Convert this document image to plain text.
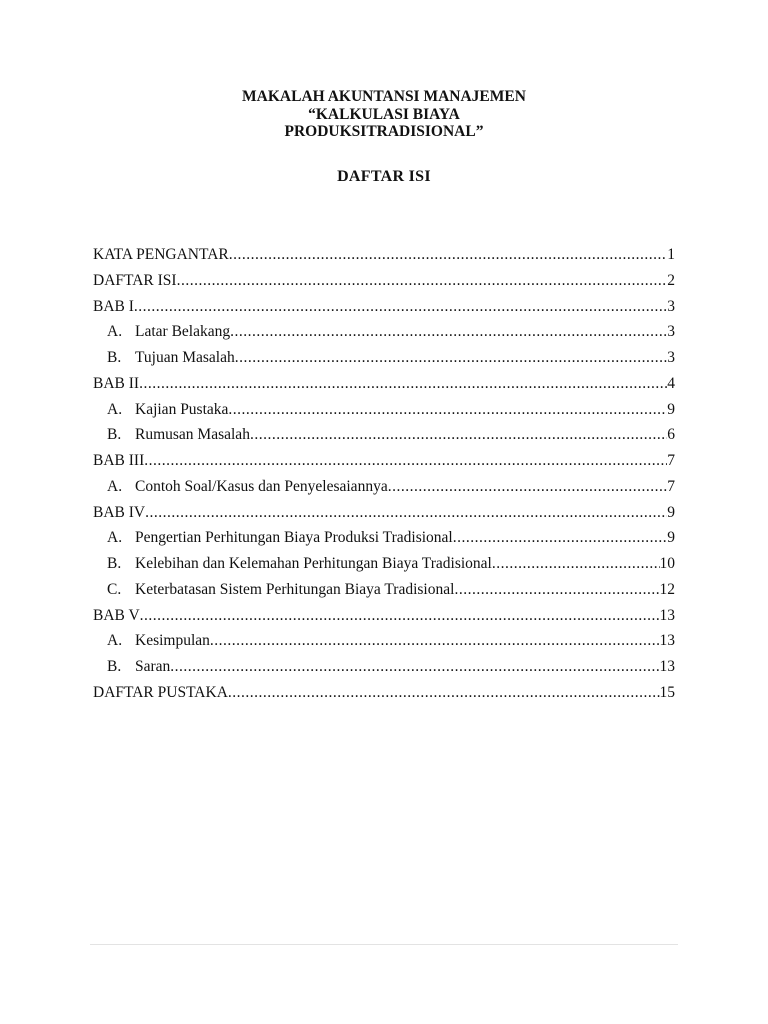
MAKALAH AKUNTANSI MANAJEMEN
“KALKULASI BIAYA
PRODUKSITRADISIONAL”
DAFTAR ISI
KATA PENGANTAR .....	1
DAFTAR ISI .....	2
BAB I .....	3
A. Latar Belakang .....	3
B. Tujuan Masalah .....	3
BAB II .....	4
A. Kajian Pustaka .....	9
B. Rumusan Masalah .....	6
BAB III .....	7
A. Contoh Soal/Kasus dan Penyelesaiannya .....	7
BAB IV .....	9
A. Pengertian Perhitungan Biaya Produksi Tradisional .....	9
B. Kelebihan dan Kelemahan Perhitungan Biaya Tradisional .....	10
C. Keterbatasan Sistem Perhitungan Biaya Tradisional .....	12
BAB V .....	13
A. Kesimpulan .....	13
B. Saran .....	13
DAFTAR PUSTAKA .....	15
